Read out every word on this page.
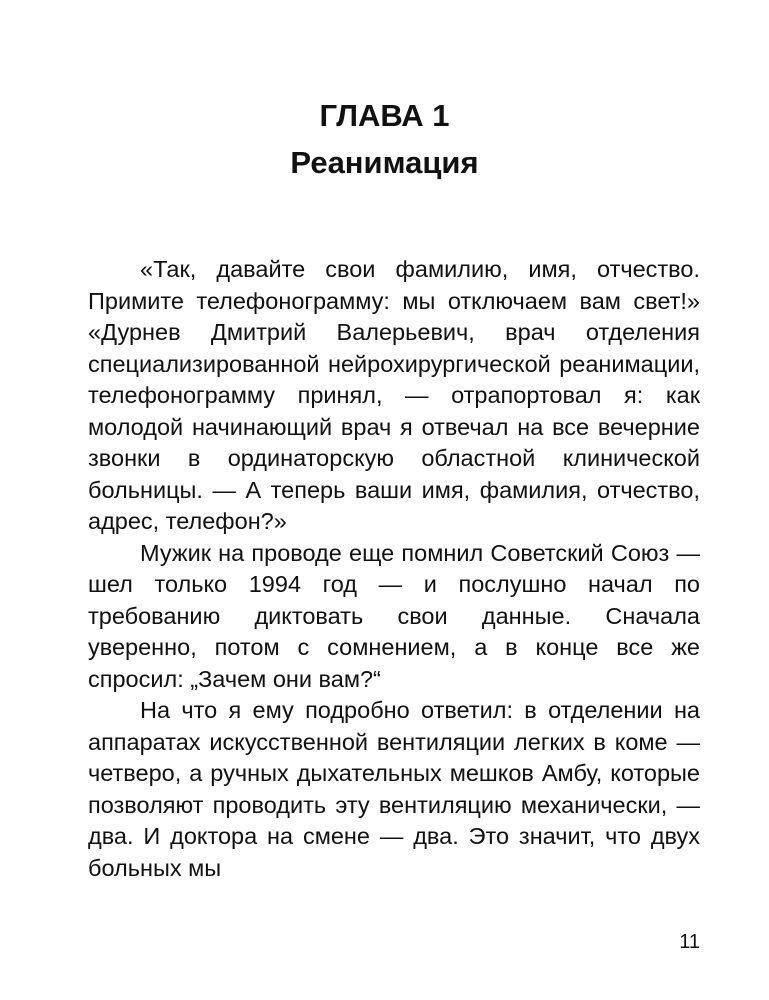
ГЛАВА 1
Реанимация

«Так, давайте свои фамилию, имя, отчество. Примите телефонограмму: мы отключаем вам свет!» «Дурнев Дмитрий Валерьевич, врач отделения специализированной нейрохирургической реанимации, телефонограмму принял, — отрапортовал я: как молодой начинающий врач я отвечал на все вечерние звонки в ординаторскую областной клинической больницы. — А теперь ваши имя, фамилия, отчество, адрес, телефон?»

Мужик на проводе еще помнил Советский Союз — шел только 1994 год — и послушно начал по требованию диктовать свои данные. Сначала уверенно, потом с сомнением, а в конце все же спросил: „Зачем они вам?“

На что я ему подробно ответил: в отделении на аппаратах искусственной вентиляции легких в коме — четверо, а ручных дыхательных мешков Амбу, которые позволяют проводить эту вентиляцию механически, — два. И доктора на смене — два. Это значит, что двух больных мы

11
